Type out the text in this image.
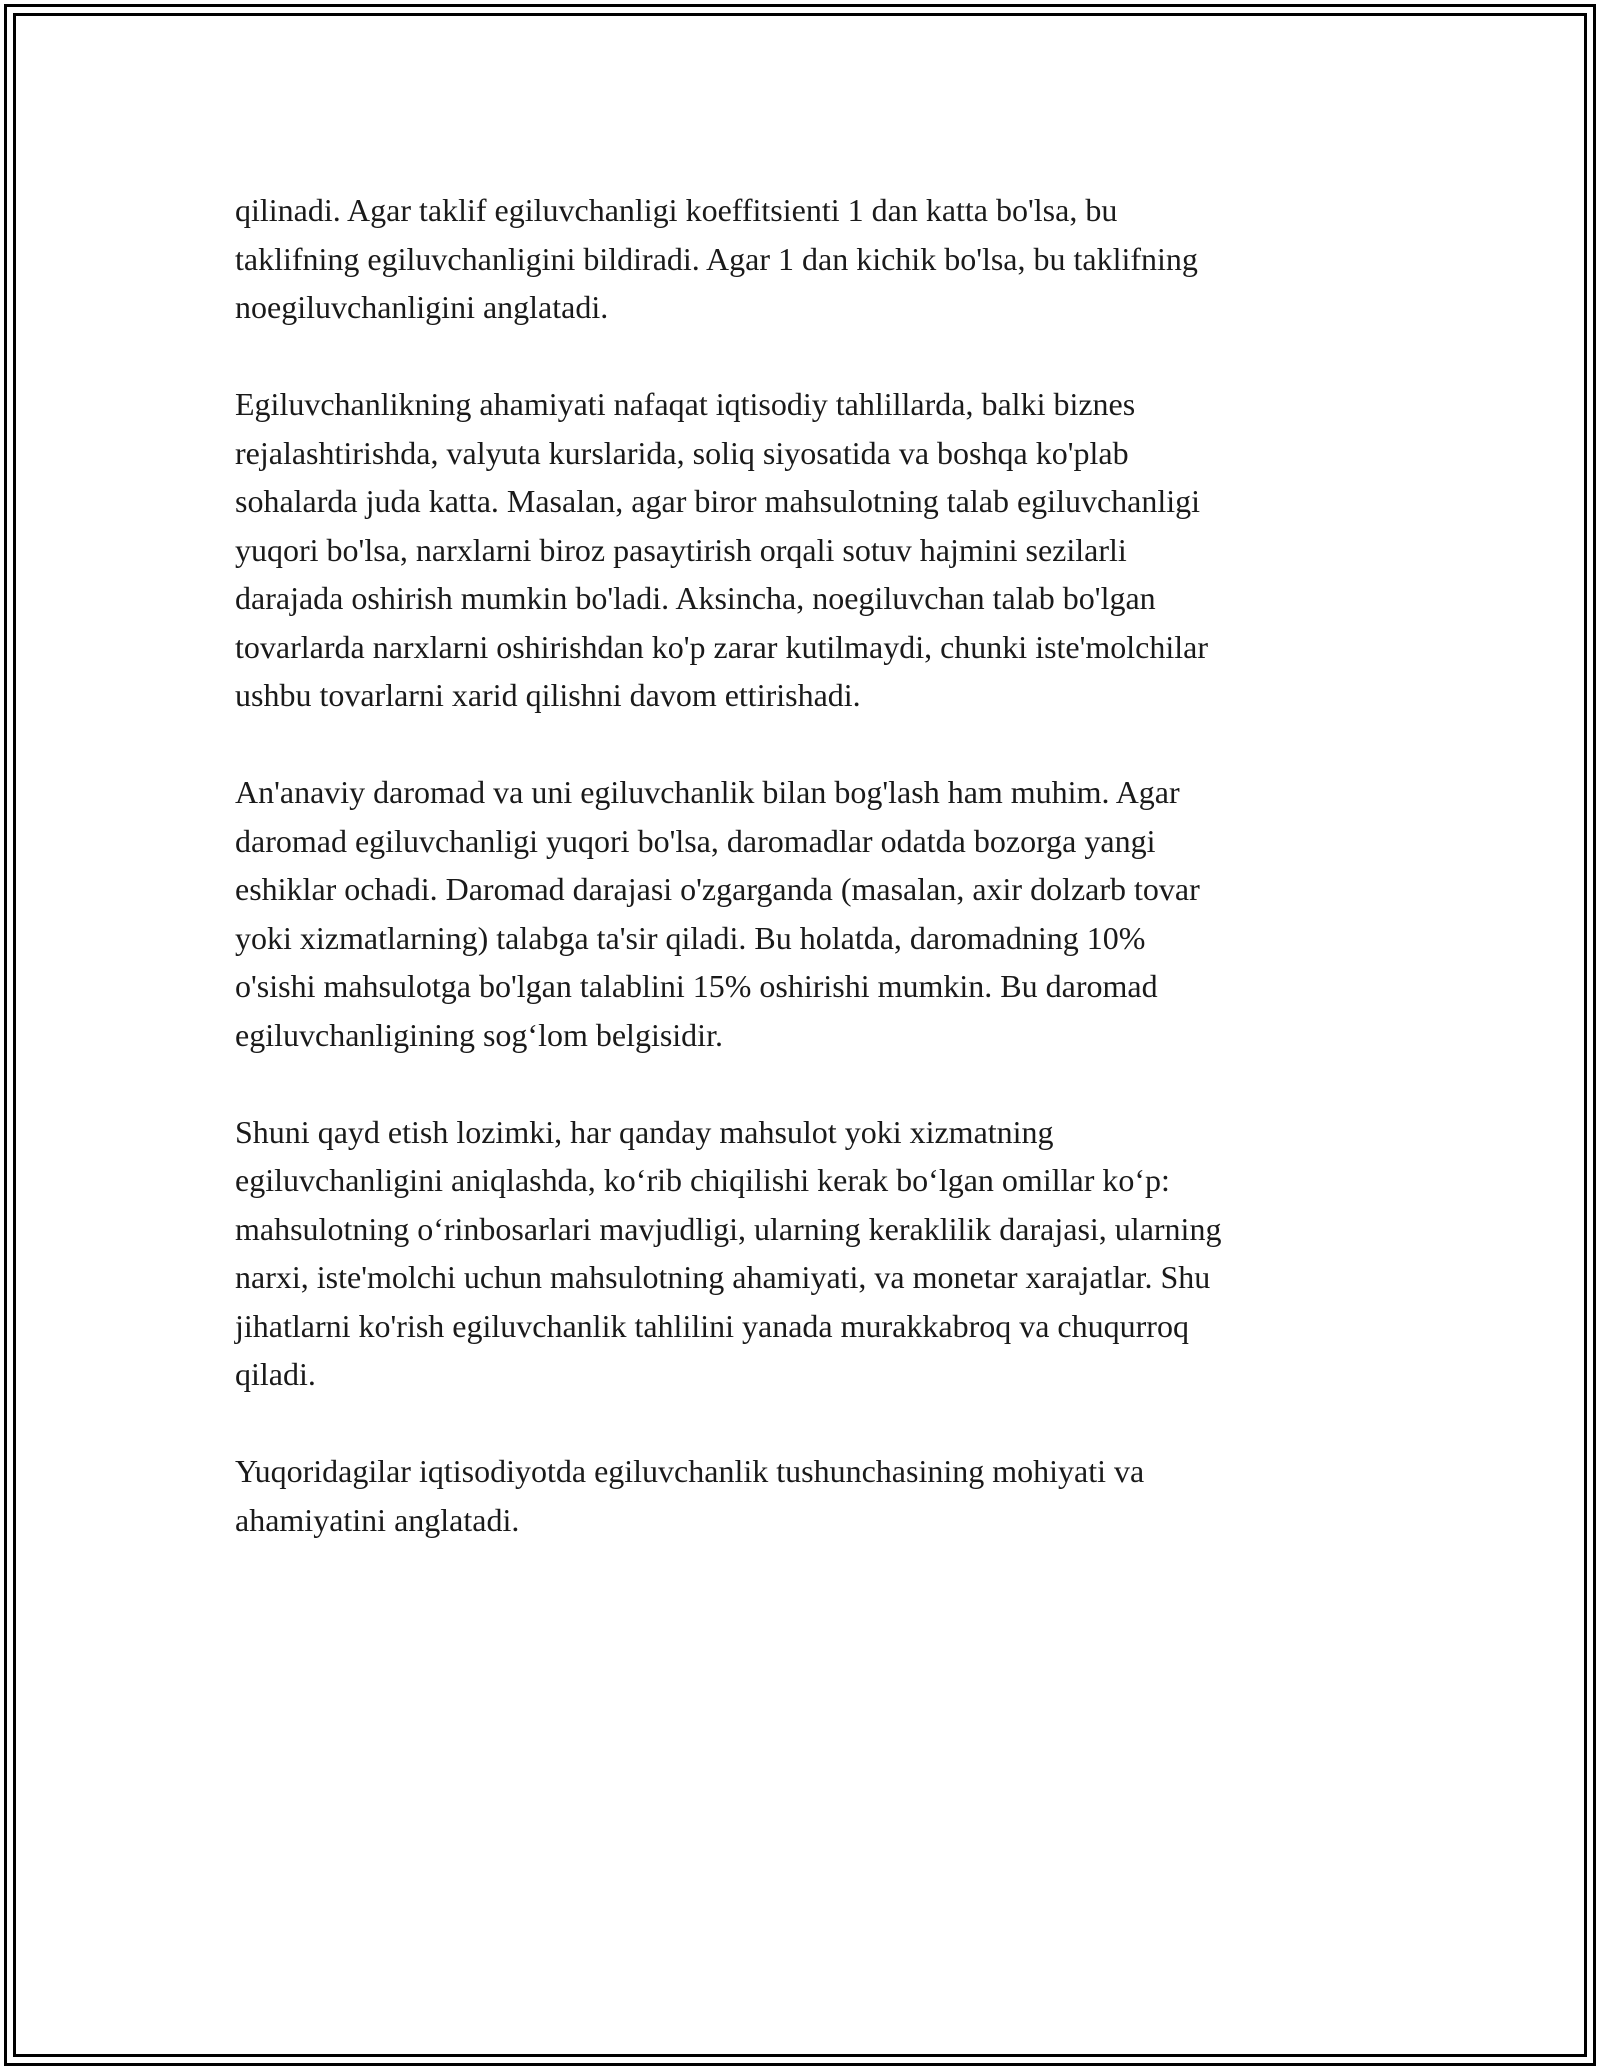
qilinadi. Agar taklif egiluvchanligi koeffitsienti 1 dan katta bo'lsa, bu
taklifning egiluvchanligini bildiradi. Agar 1 dan kichik bo'lsa, bu taklifning
noegiluvchanligini anglatadi.

Egiluvchanlikning ahamiyati nafaqat iqtisodiy tahlillarda, balki biznes
rejalashtirishda, valyuta kurslarida, soliq siyosatida va boshqa ko'plab
sohalarda juda katta. Masalan, agar biror mahsulotning talab egiluvchanligi
yuqori bo'lsa, narxlarni biroz pasaytirish orqali sotuv hajmini sezilarli
darajada oshirish mumkin bo'ladi. Aksincha, noegiluvchan talab bo'lgan
tovarlarda narxlarni oshirishdan ko'p zarar kutilmaydi, chunki iste'molchilar
ushbu tovarlarni xarid qilishni davom ettirishadi.

An'anaviy daromad va uni egiluvchanlik bilan bog'lash ham muhim. Agar
daromad egiluvchanligi yuqori bo'lsa, daromadlar odatda bozorga yangi
eshiklar ochadi. Daromad darajasi o'zgarganda (masalan, axir dolzarb tovar
yoki xizmatlarning) talabga ta'sir qiladi. Bu holatda, daromadning 10%
o'sishi mahsulotga bo'lgan talablini 15% oshirishi mumkin. Bu daromad
egiluvchanligining sog‘lom belgisidir.

Shuni qayd etish lozimki, har qanday mahsulot yoki xizmatning
egiluvchanligini aniqlashda, ko‘rib chiqilishi kerak bo‘lgan omillar ko‘p:
mahsulotning o‘rinbosarlari mavjudligi, ularning keraklilik darajasi, ularning
narxi, iste'molchi uchun mahsulotning ahamiyati, va monetar xarajatlar. Shu
jihatlarni ko'rish egiluvchanlik tahlilini yanada murakkabroq va chuqurroq
qiladi.

Yuqoridagilar iqtisodiyotda egiluvchanlik tushunchasining mohiyati va
ahamiyatini anglatadi.
